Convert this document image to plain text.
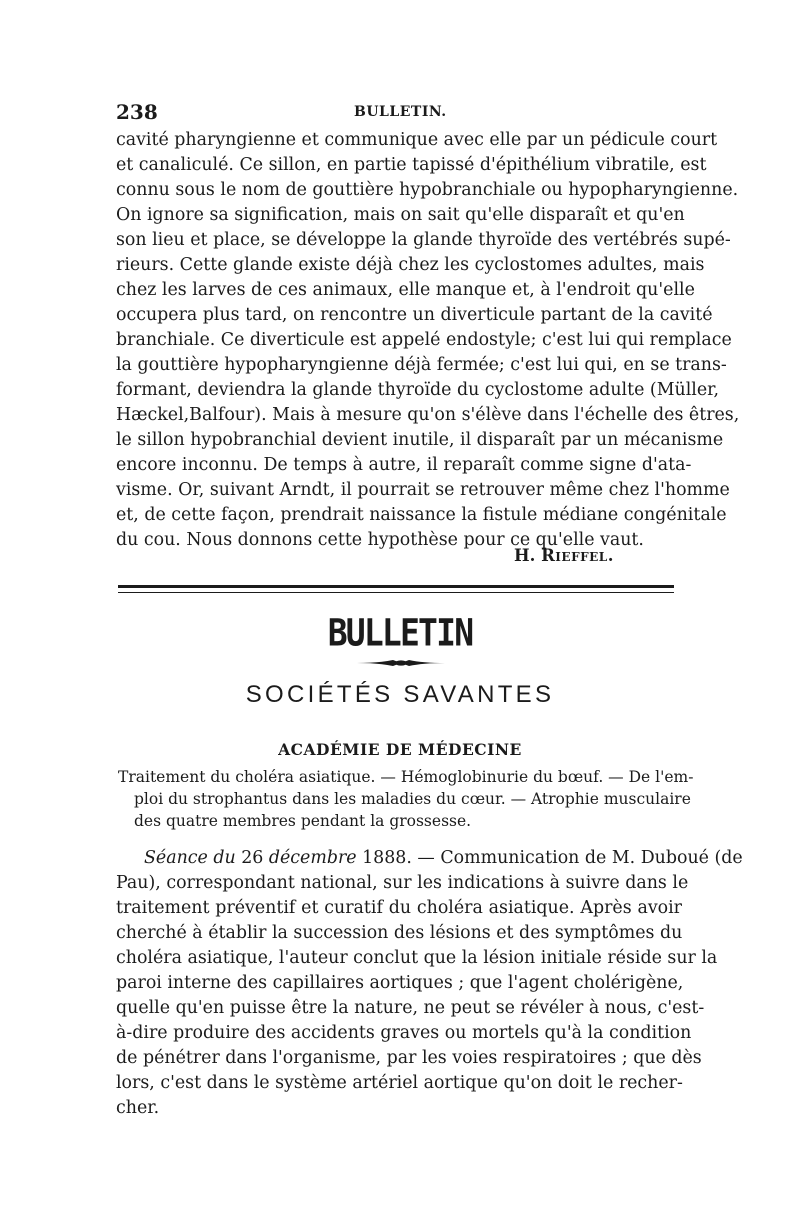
238	BULLETIN.
cavité pharyngienne et communique avec elle par un pédicule court
et canaliculé. Ce sillon, en partie tapissé d'épithélium vibratile, est
connu sous le nom de gouttière hypobranchiale ou hypopharyngienne.
On ignore sa signification, mais on sait qu'elle disparaît et qu'en
son lieu et place, se développe la glande thyroïde des vertébrés supé-
rieurs. Cette glande existe déjà chez les cyclostomes adultes, mais
chez les larves de ces animaux, elle manque et, à l'endroit qu'elle
occupera plus tard, on rencontre un diverticule partant de la cavité
branchiale. Ce diverticule est appelé endostyle; c'est lui qui remplace
la gouttière hypopharyngienne déjà fermée; c'est lui qui, en se trans-
formant, deviendra la glande thyroïde du cyclostome adulte (Müller,
Hæckel,Balfour). Mais à mesure qu'on s'élève dans l'échelle des êtres,
le sillon hypobranchial devient inutile, il disparaît par un mécanisme
encore inconnu. De temps à autre, il reparaît comme signe d'ata-
visme. Or, suivant Arndt, il pourrait se retrouver même chez l'homme
et, de cette façon, prendrait naissance la fistule médiane congénitale
du cou. Nous donnons cette hypothèse pour ce qu'elle vaut.
H. Rieffel.
BULLETIN
SOCIÉTÉS SAVANTES
ACADÉMIE DE MÉDECINE
Traitement du choléra asiatique. — Hémoglobinurie du bœuf. — De l'em-
ploi du strophantus dans les maladies du cœur. — Atrophie musculaire
des quatre membres pendant la grossesse.
Séance du 26 décembre 1888. — Communication de M. Duboué (de
Pau), correspondant national, sur les indications à suivre dans le
traitement préventif et curatif du choléra asiatique. Après avoir
cherché à établir la succession des lésions et des symptômes du
choléra asiatique, l'auteur conclut que la lésion initiale réside sur la
paroi interne des capillaires aortiques ; que l'agent cholérigène,
quelle qu'en puisse être la nature, ne peut se révéler à nous, c'est-
à-dire produire des accidents graves ou mortels qu'à la condition
de pénétrer dans l'organisme, par les voies respiratoires ; que dès
lors, c'est dans le système artériel aortique qu'on doit le recher-
cher.
